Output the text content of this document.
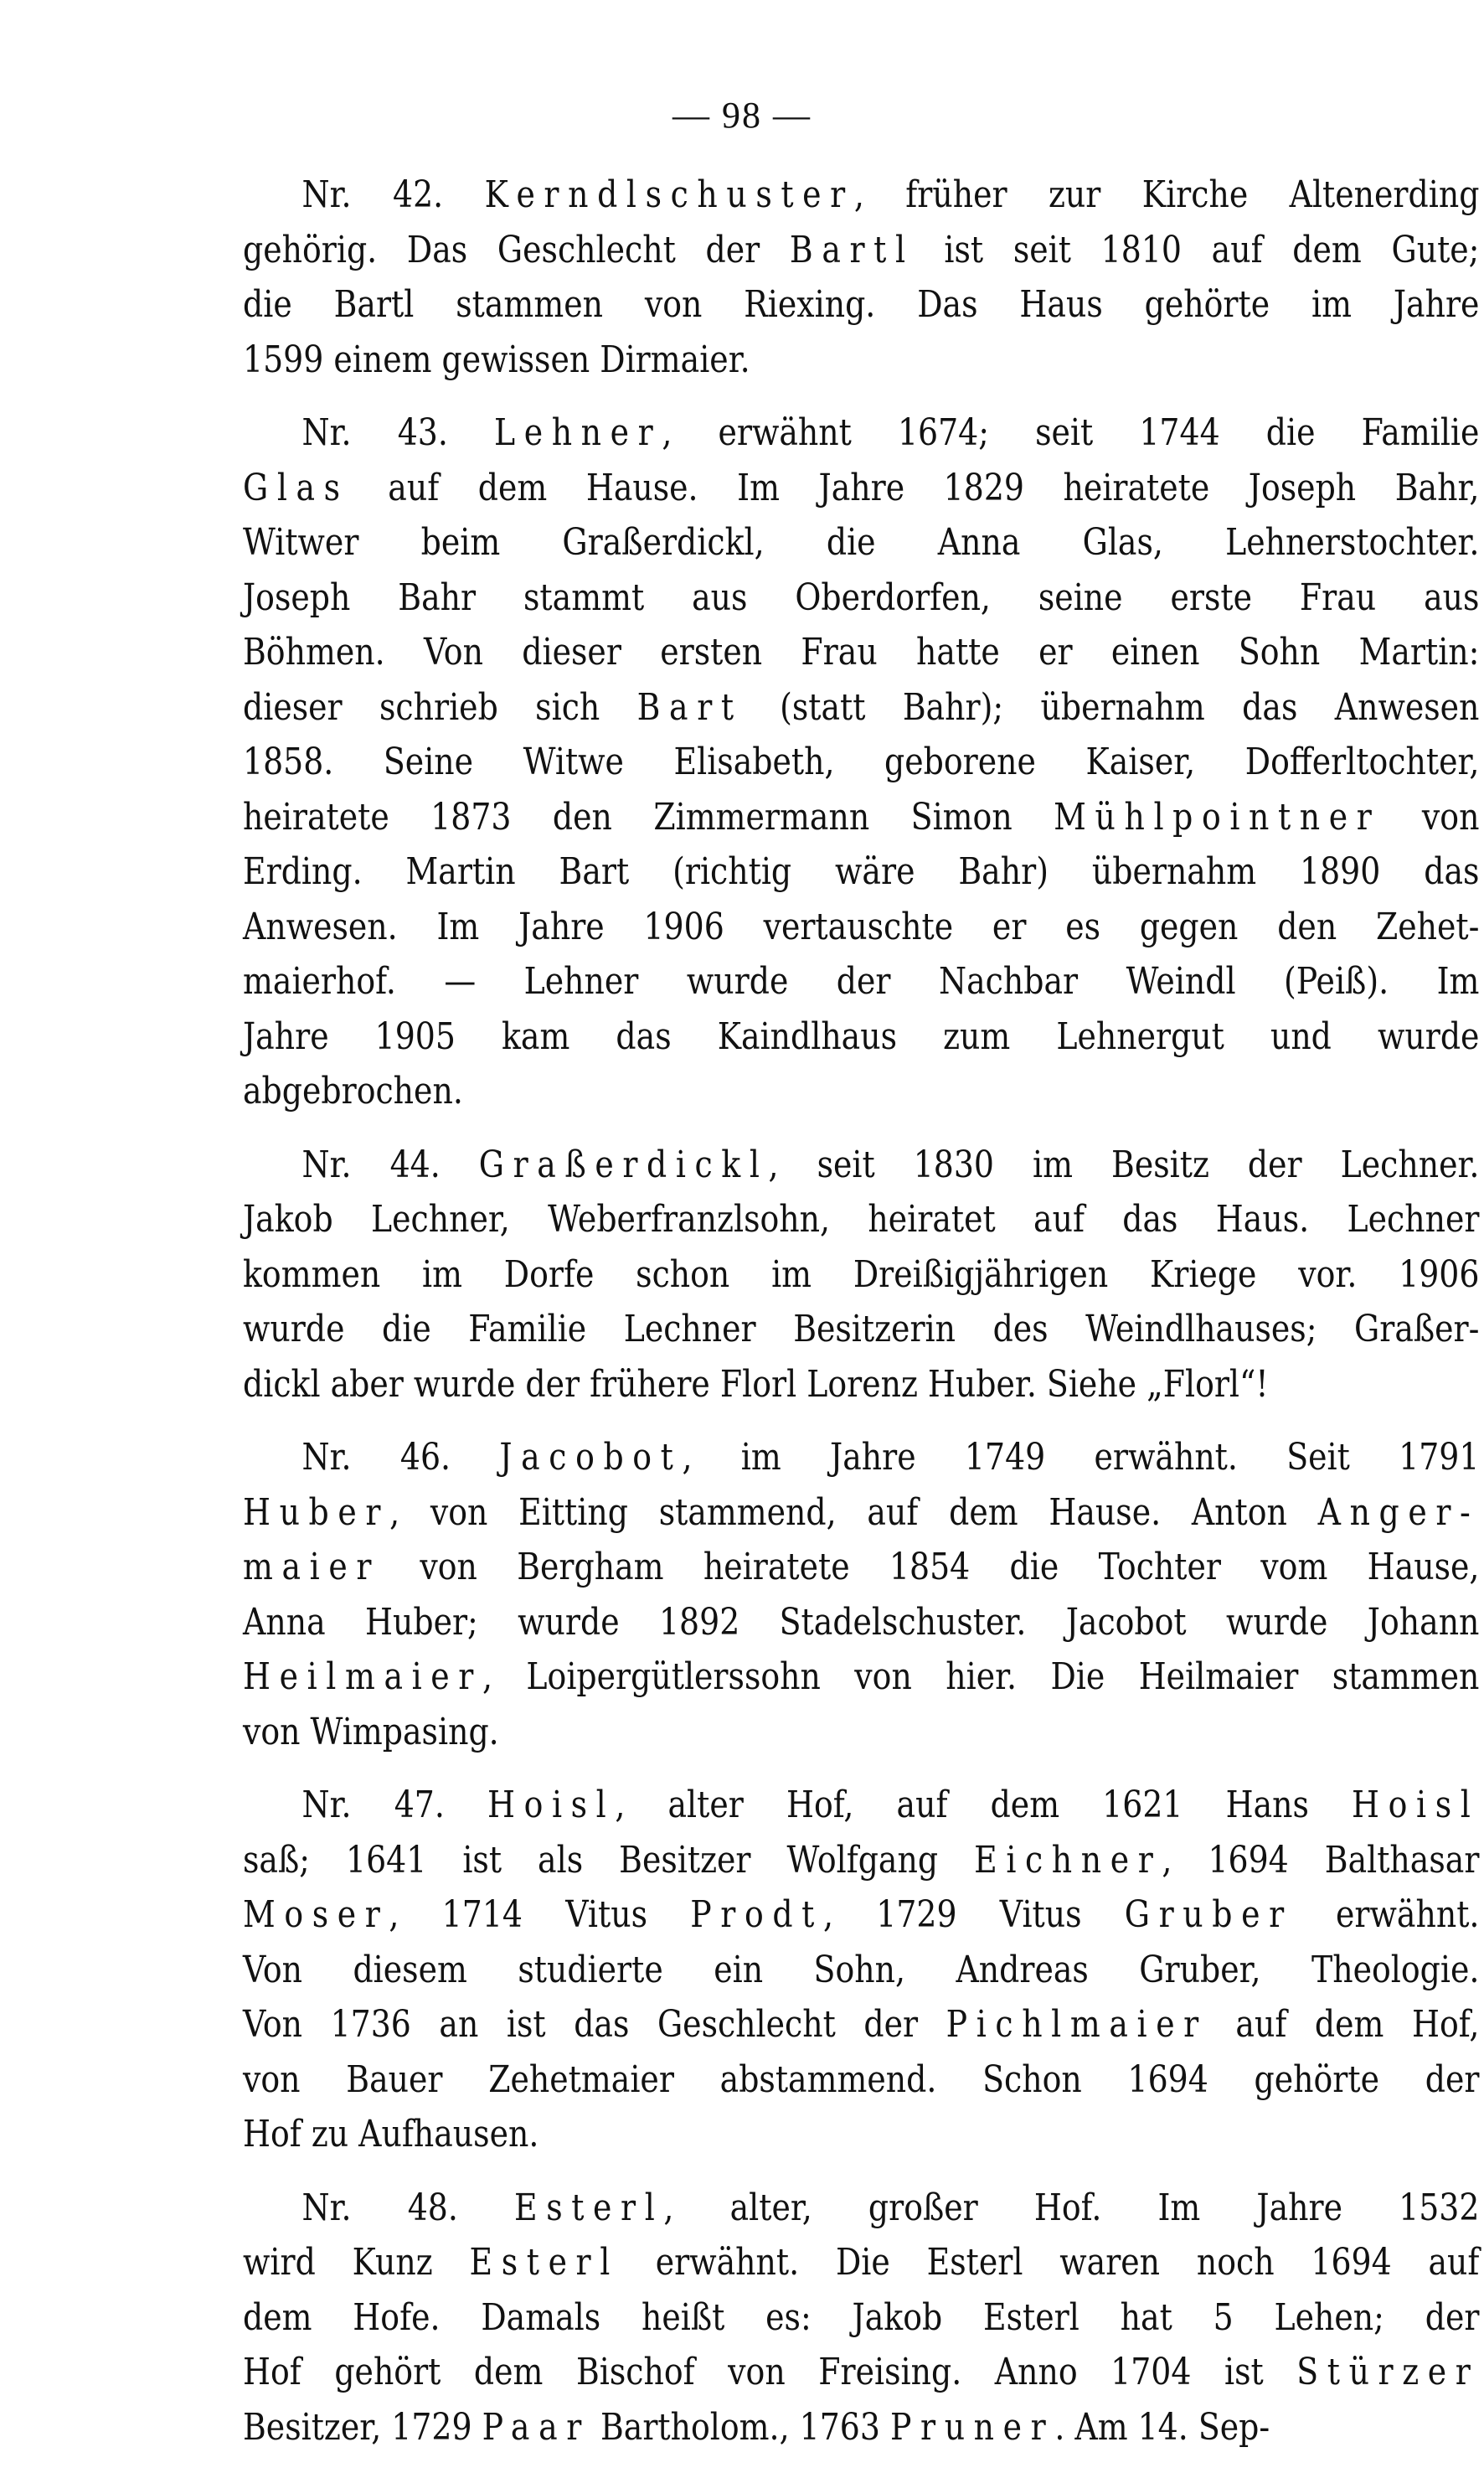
— 98 —
Nr. 42. Kerndlschuster, früher zur Kirche Altenerding
gehörig. Das Geschlecht der Bartl ist seit 1810 auf dem Gute;
die Bartl stammen von Riexing. Das Haus gehörte im Jahre
1599 einem gewissen Dirmaier.
Nr. 43. Lehner, erwähnt 1674; seit 1744 die Familie
Glas auf dem Hause. Im Jahre 1829 heiratete Joseph Bahr,
Witwer beim Graßerdickl, die Anna Glas, Lehnerstochter.
Joseph Bahr stammt aus Oberdorfen, seine erste Frau aus
Böhmen. Von dieser ersten Frau hatte er einen Sohn Martin:
dieser schrieb sich Bart (statt Bahr); übernahm das Anwesen
1858. Seine Witwe Elisabeth, geborene Kaiser, Dofferltochter,
heiratete 1873 den Zimmermann Simon Mühlpointner von
Erding. Martin Bart (richtig wäre Bahr) übernahm 1890 das
Anwesen. Im Jahre 1906 vertauschte er es gegen den Zehet-
maierhof. — Lehner wurde der Nachbar Weindl (Peiß). Im
Jahre 1905 kam das Kaindlhaus zum Lehnergut und wurde
abgebrochen.
Nr. 44. Graßerdickl, seit 1830 im Besitz der Lechner.
Jakob Lechner, Weberfranzlsohn, heiratet auf das Haus. Lechner
kommen im Dorfe schon im Dreißigjährigen Kriege vor. 1906
wurde die Familie Lechner Besitzerin des Weindlhauses; Graßer-
dickl aber wurde der frühere Florl Lorenz Huber. Siehe „Florl“!
Nr. 46. Jacobot, im Jahre 1749 erwähnt. Seit 1791
Huber, von Eitting stammend, auf dem Hause. Anton Anger-
maier von Bergham heiratete 1854 die Tochter vom Hause,
Anna Huber; wurde 1892 Stadelschuster. Jacobot wurde Johann
Heilmaier, Loipergütlerssohn von hier. Die Heilmaier stammen
von Wimpasing.
Nr. 47. Hoisl, alter Hof, auf dem 1621 Hans Hoisl
saß; 1641 ist als Besitzer Wolfgang Eichner, 1694 Balthasar
Moser, 1714 Vitus Prodt, 1729 Vitus Gruber erwähnt.
Von diesem studierte ein Sohn, Andreas Gruber, Theologie.
Von 1736 an ist das Geschlecht der Pichlmaier auf dem Hof,
von Bauer Zehetmaier abstammend. Schon 1694 gehörte der
Hof zu Aufhausen.
Nr. 48. Esterl, alter, großer Hof. Im Jahre 1532
wird Kunz Esterl erwähnt. Die Esterl waren noch 1694 auf
dem Hofe. Damals heißt es: Jakob Esterl hat 5 Lehen; der
Hof gehört dem Bischof von Freising. Anno 1704 ist Stürzer
Besitzer, 1729 Paar Bartholom., 1763 Pruner. Am 14. Sep-
